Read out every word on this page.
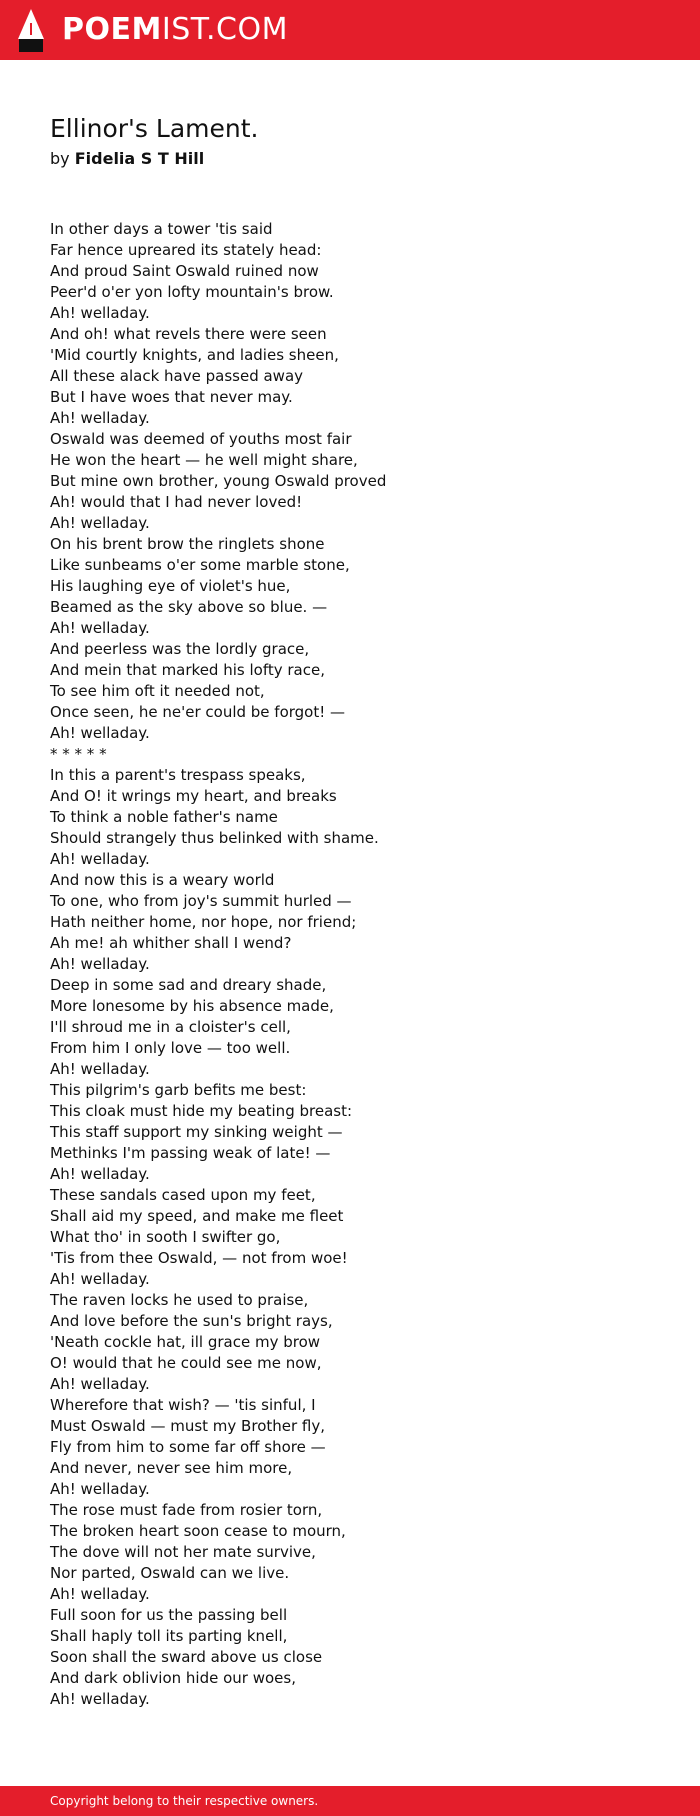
POEMIST.COM
Ellinor's Lament.
by Fidelia S T Hill
In other days a tower 'tis said
Far hence upreared its stately head:
And proud Saint Oswald ruined now
Peer'd o'er yon lofty mountain's brow.
Ah! welladay.
And oh! what revels there were seen
'Mid courtly knights, and ladies sheen,
All these alack have passed away
But I have woes that never may.
Ah! welladay.
Oswald was deemed of youths most fair
He won the heart — he well might share,
But mine own brother, young Oswald proved
Ah! would that I had never loved!
Ah! welladay.
On his brent brow the ringlets shone
Like sunbeams o'er some marble stone,
His laughing eye of violet's hue,
Beamed as the sky above so blue. —
Ah! welladay.
And peerless was the lordly grace,
And mein that marked his lofty race,
To see him oft it needed not,
Once seen, he ne'er could be forgot! —
Ah! welladay.
* * * * *
In this a parent's trespass speaks,
And O! it wrings my heart, and breaks
To think a noble father's name
Should strangely thus belinked with shame.
Ah! welladay.
And now this is a weary world
To one, who from joy's summit hurled —
Hath neither home, nor hope, nor friend;
Ah me! ah whither shall I wend?
Ah! welladay.
Deep in some sad and dreary shade,
More lonesome by his absence made,
I'll shroud me in a cloister's cell,
From him I only love — too well.
Ah! welladay.
This pilgrim's garb befits me best:
This cloak must hide my beating breast:
This staff support my sinking weight —
Methinks I'm passing weak of late! —
Ah! welladay.
These sandals cased upon my feet,
Shall aid my speed, and make me fleet
What tho' in sooth I swifter go,
'Tis from thee Oswald, — not from woe!
Ah! welladay.
The raven locks he used to praise,
And love before the sun's bright rays,
'Neath cockle hat, ill grace my brow
O! would that he could see me now,
Ah! welladay.
Wherefore that wish? — 'tis sinful, I
Must Oswald — must my Brother fly,
Fly from him to some far off shore —
And never, never see him more,
Ah! welladay.
The rose must fade from rosier torn,
The broken heart soon cease to mourn,
The dove will not her mate survive,
Nor parted, Oswald can we live.
Ah! welladay.
Full soon for us the passing bell
Shall haply toll its parting knell,
Soon shall the sward above us close
And dark oblivion hide our woes,
Ah! welladay.
Copyright belong to their respective owners.
